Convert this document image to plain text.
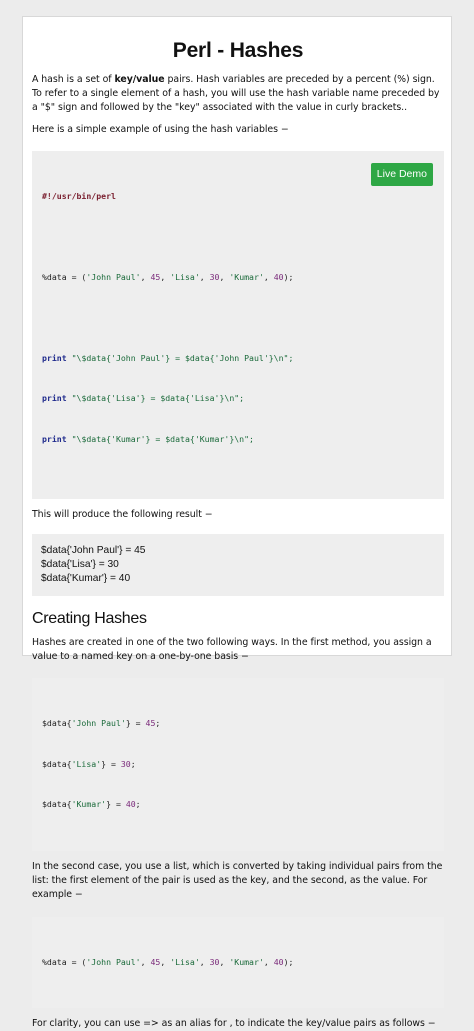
Perl - Hashes

A hash is a set of key/value pairs. Hash variables are preceded by a percent (%) sign. To refer to a single element of a hash, you will use the hash variable name preceded by a "$" sign and followed by the "key" associated with the value in curly brackets..

Here is a simple example of using the hash variables −

#!/usr/bin/perl

%data = ('John Paul', 45, 'Lisa', 30, 'Kumar', 40);

print "\$data{'John Paul'} = $data{'John Paul'}\n";

print "\$data{'Lisa'} = $data{'Lisa'}\n";

print "\$data{'Kumar'} = $data{'Kumar'}\n";

Live Demo

This will produce the following result −

$data{'John Paul'} = 45
$data{'Lisa'} = 30
$data{'Kumar'} = 40
Creating Hashes

Hashes are created in one of the two following ways. In the first method, you assign a value to a named key on a one-by-one basis −

$data{'John Paul'} = 45;

$data{'Lisa'} = 30;

$data{'Kumar'} = 40;

In the second case, you use a list, which is converted by taking individual pairs from the list: the first element of the pair is used as the key, and the second, as the value. For example −

%data = ('John Paul', 45, 'Lisa', 30, 'Kumar', 40);

For clarity, you can use => as an alias for , to indicate the key/value pairs as follows −
